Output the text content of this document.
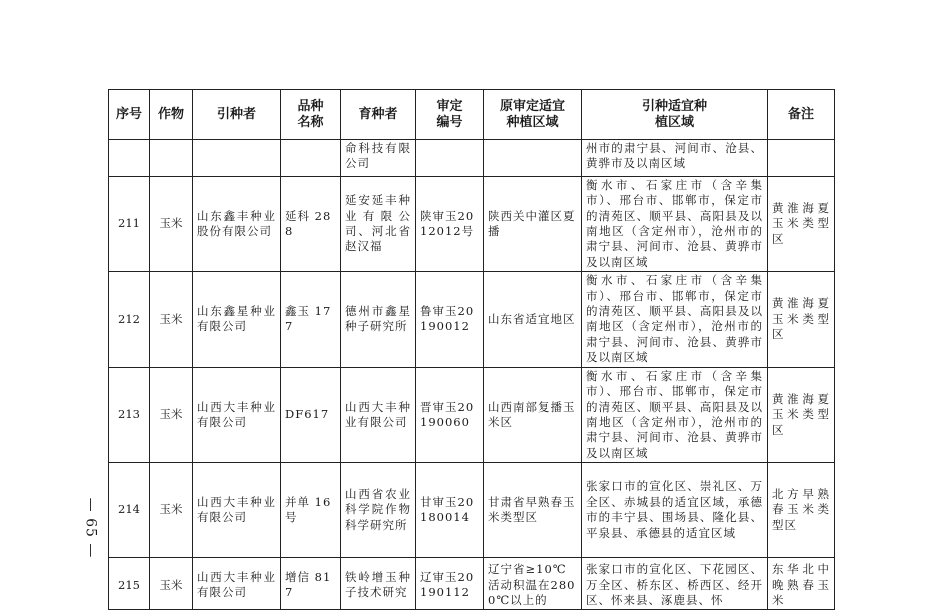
— 65 —
序号	作物	引种者	品种名称	育种者	审定编号	原审定适宜种植区域	引种适宜种植区域	备注
				命科技有限公司			州市的肃宁县、河间市、沧县、黄骅市及以南区域	
211	玉米	山东鑫丰种业股份有限公司	延科 288	延安延丰种业有限公司、河北省赵汉福	陕审玉2012012号	陕西关中灌区夏播	衡水市、石家庄市（含辛集市）、邢台市、邯郸市，保定市的清苑区、顺平县、高阳县及以南地区（含定州市），沧州市的肃宁县、河间市、沧县、黄骅市及以南区域	黄淮海夏玉米类型区
212	玉米	山东鑫星种业有限公司	鑫玉 177	德州市鑫星种子研究所	鲁审玉20190012	山东省适宜地区	衡水市、石家庄市（含辛集市）、邢台市、邯郸市，保定市的清苑区、顺平县、高阳县及以南地区（含定州市），沧州市的肃宁县、河间市、沧县、黄骅市及以南区域	黄淮海夏玉米类型区
213	玉米	山西大丰种业有限公司	DF617	山西大丰种业有限公司	晋审玉20190060	山西南部复播玉米区	衡水市、石家庄市（含辛集市）、邢台市、邯郸市，保定市的清苑区、顺平县、高阳县及以南地区（含定州市），沧州市的肃宁县、河间市、沧县、黄骅市及以南区域	黄淮海夏玉米类型区
214	玉米	山西大丰种业有限公司	并单 16 号	山西省农业科学院作物科学研究所	甘审玉20180014	甘肃省早熟春玉米类型区	张家口市的宣化区、崇礼区、万全区、赤城县的适宜区域，承德市的丰宁县、围场县、隆化县、平泉县、承德县的适宜区域	北方早熟春玉米类型区
215	玉米	山西大丰种业有限公司	增信 817	铁岭增玉种子技术研究	辽审玉20190112	辽宁省≥10℃活动积温在2800℃以上的	张家口市的宣化区、下花园区、万全区、桥东区、桥西区、经开区、怀来县、涿鹿县、怀	东华北中晚熟春玉米
